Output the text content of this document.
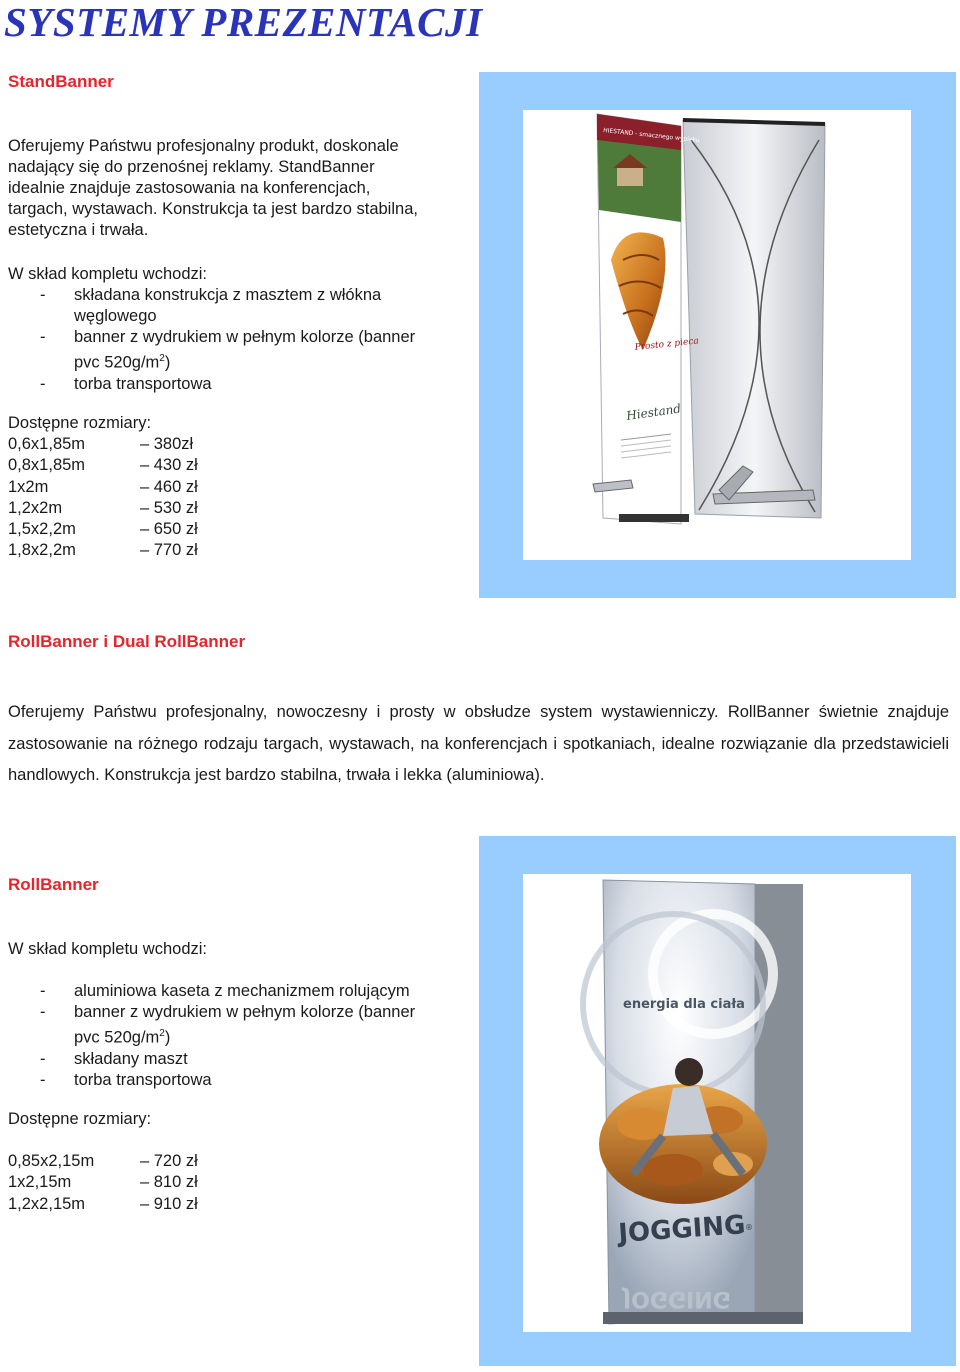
SYSTEMY PREZENTACJI
StandBanner

Oferujemy Państwu profesjonalny produkt, doskonale
nadający się do przenośnej reklamy. StandBanner
idealnie znajduje zastosowania na konferencjach,
targach, wystawach. Konstrukcja ta jest bardzo stabilna,
estetyczna i trwała.

W skład kompletu wchodzi:

- składana konstrukcja z masztem z włókna
węglowego
- banner z wydrukiem w pełnym kolorze (banner
pvc $520g/m^2$)
- torba transportowa

Dostępne rozmiary:

0,6x1,85m	– 380zł
0,8x1,85m	– 430 zł
1x2m	– 460 zł
1,2x2m	– 530 zł
1,5x2,2m	– 650 zł
1,8x2,2m	– 770 zł
HIESTAND - smacznego wypieku
Prosto z pieca
Hiestand
RollBanner i Dual RollBanner

Oferujemy Państwu profesjonalny, nowoczesny i prosty w obsłudze system wystawienniczy. RollBanner świetnie znajduje zastosowanie na różnego rodzaju targach, wystawach, na konferencjach i spotkaniach, idealne rozwiązanie dla przedstawicieli handlowych. Konstrukcja jest bardzo stabilna, trwała i lekka (aluminiowa).

RollBanner

W skład kompletu wchodzi:

- aluminiowa kaseta z mechanizmem rolującym
- banner z wydrukiem w pełnym kolorze (banner
pvc $520g/m^2$)
- składany maszt
- torba transportowa

Dostępne rozmiary:

0,85x2,15m	– 720 zł
1x2,15m	– 810 zł
1,2x2,15m	– 910 zł
energia dla ciała
JOGGING
®
JOGGING
